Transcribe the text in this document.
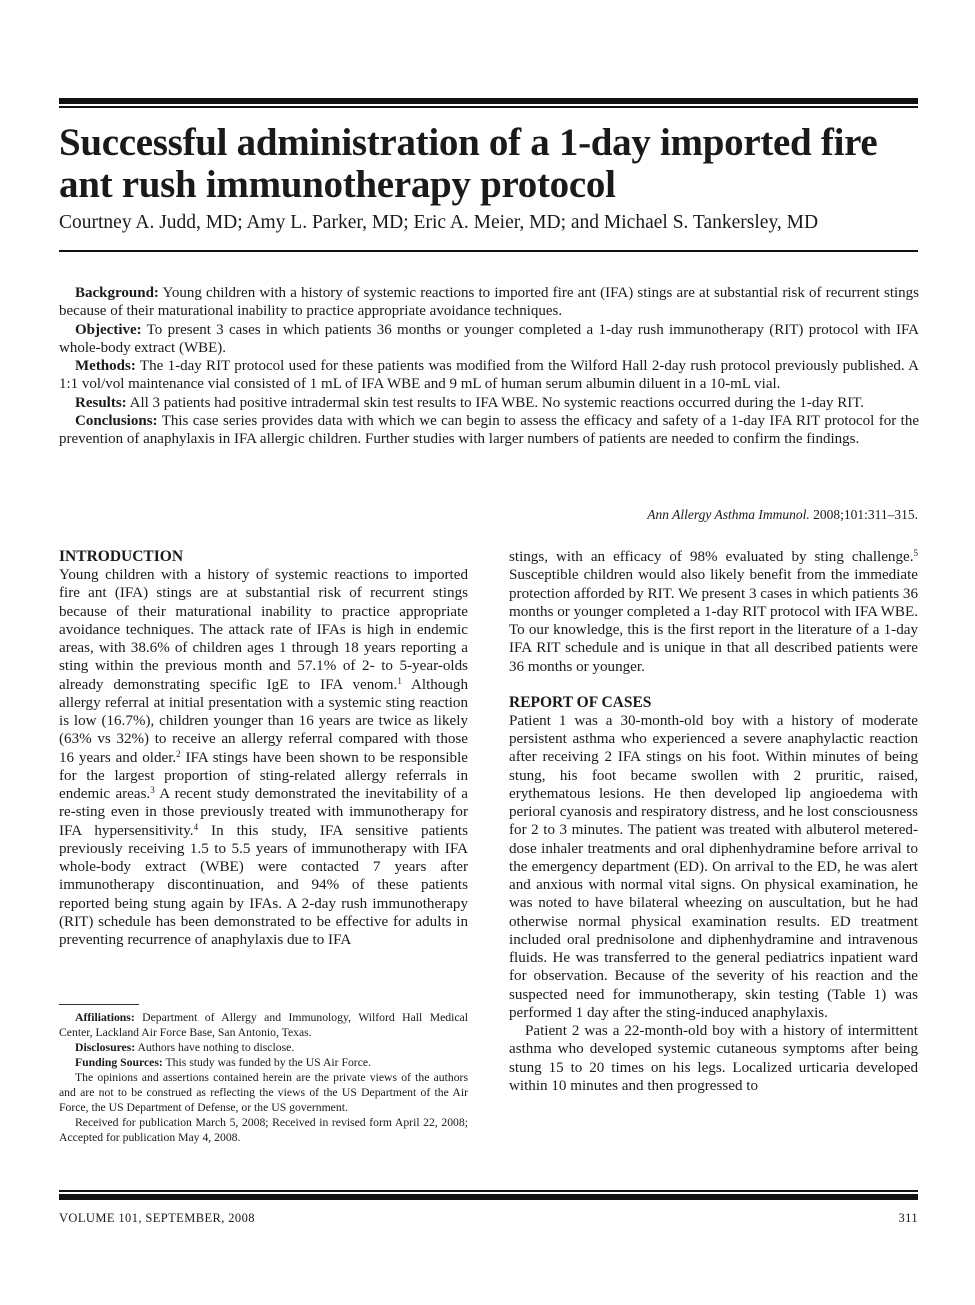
Successful administration of a 1-day imported fire ant rush immunotherapy protocol

Courtney A. Judd, MD; Amy L. Parker, MD; Eric A. Meier, MD; and Michael S. Tankersley, MD

Background: Young children with a history of systemic reactions to imported fire ant (IFA) stings are at substantial risk of recurrent stings because of their maturational inability to practice appropriate avoidance techniques.

Objective: To present 3 cases in which patients 36 months or younger completed a 1-day rush immunotherapy (RIT) protocol with IFA whole-body extract (WBE).

Methods: The 1-day RIT protocol used for these patients was modified from the Wilford Hall 2-day rush protocol previously published. A 1:1 vol/vol maintenance vial consisted of 1 mL of IFA WBE and 9 mL of human serum albumin diluent in a 10-mL vial.

Results: All 3 patients had positive intradermal skin test results to IFA WBE. No systemic reactions occurred during the 1-day RIT.

Conclusions: This case series provides data with which we can begin to assess the efficacy and safety of a 1-day IFA RIT protocol for the prevention of anaphylaxis in IFA allergic children. Further studies with larger numbers of patients are needed to confirm the findings.

Ann Allergy Asthma Immunol. 2008;101:311–315.
INTRODUCTION

Young children with a history of systemic reactions to imported fire ant (IFA) stings are at substantial risk of recurrent stings because of their maturational inability to practice appropriate avoidance techniques. The attack rate of IFAs is high in endemic areas, with 38.6% of children ages 1 through 18 years reporting a sting within the previous month and 57.1% of 2- to 5-year-olds already demonstrating specific IgE to IFA venom.$^1$ Although allergy referral at initial presentation with a systemic sting reaction is low (16.7%), children younger than 16 years are twice as likely (63% vs 32%) to receive an allergy referral compared with those 16 years and older.$^2$ IFA stings have been shown to be responsible for the largest proportion of sting-related allergy referrals in endemic areas.$^3$ A recent study demonstrated the inevitability of a re-sting even in those previously treated with immunotherapy for IFA hypersensitivity.$^4$ In this study, IFA sensitive patients previously receiving 1.5 to 5.5 years of immunotherapy with IFA whole-body extract (WBE) were contacted 7 years after immunotherapy discontinuation, and 94% of these patients reported being stung again by IFAs. A 2-day rush immunotherapy (RIT) schedule has been demonstrated to be effective for adults in preventing recurrence of anaphylaxis due to IFA

Affiliations: Department of Allergy and Immunology, Wilford Hall Medical Center, Lackland Air Force Base, San Antonio, Texas.

Disclosures: Authors have nothing to disclose.

Funding Sources: This study was funded by the US Air Force.

The opinions and assertions contained herein are the private views of the authors and are not to be construed as reflecting the views of the US Department of the Air Force, the US Department of Defense, or the US government.

Received for publication March 5, 2008; Received in revised form April 22, 2008; Accepted for publication May 4, 2008.

stings, with an efficacy of 98% evaluated by sting challenge.$^5$ Susceptible children would also likely benefit from the immediate protection afforded by RIT. We present 3 cases in which patients 36 months or younger completed a 1-day RIT protocol with IFA WBE. To our knowledge, this is the first report in the literature of a 1-day IFA RIT schedule and is unique in that all described patients were 36 months or younger.

REPORT OF CASES

Patient 1 was a 30-month-old boy with a history of moderate persistent asthma who experienced a severe anaphylactic reaction after receiving 2 IFA stings on his foot. Within minutes of being stung, his foot became swollen with 2 pruritic, raised, erythematous lesions. He then developed lip angioedema with perioral cyanosis and respiratory distress, and he lost consciousness for 2 to 3 minutes. The patient was treated with albuterol metered-dose inhaler treatments and oral diphenhydramine before arrival to the emergency department (ED). On arrival to the ED, he was alert and anxious with normal vital signs. On physical examination, he was noted to have bilateral wheezing on auscultation, but he had otherwise normal physical examination results. ED treatment included oral prednisolone and diphenhydramine and intravenous fluids. He was transferred to the general pediatrics inpatient ward for observation. Because of the severity of his reaction and the suspected need for immunotherapy, skin testing (Table 1) was performed 1 day after the sting-induced anaphylaxis.

Patient 2 was a 22-month-old boy with a history of intermittent asthma who developed systemic cutaneous symptoms after being stung 15 to 20 times on his legs. Localized urticaria developed within 10 minutes and then progressed to

VOLUME 101, SEPTEMBER, 2008	311
